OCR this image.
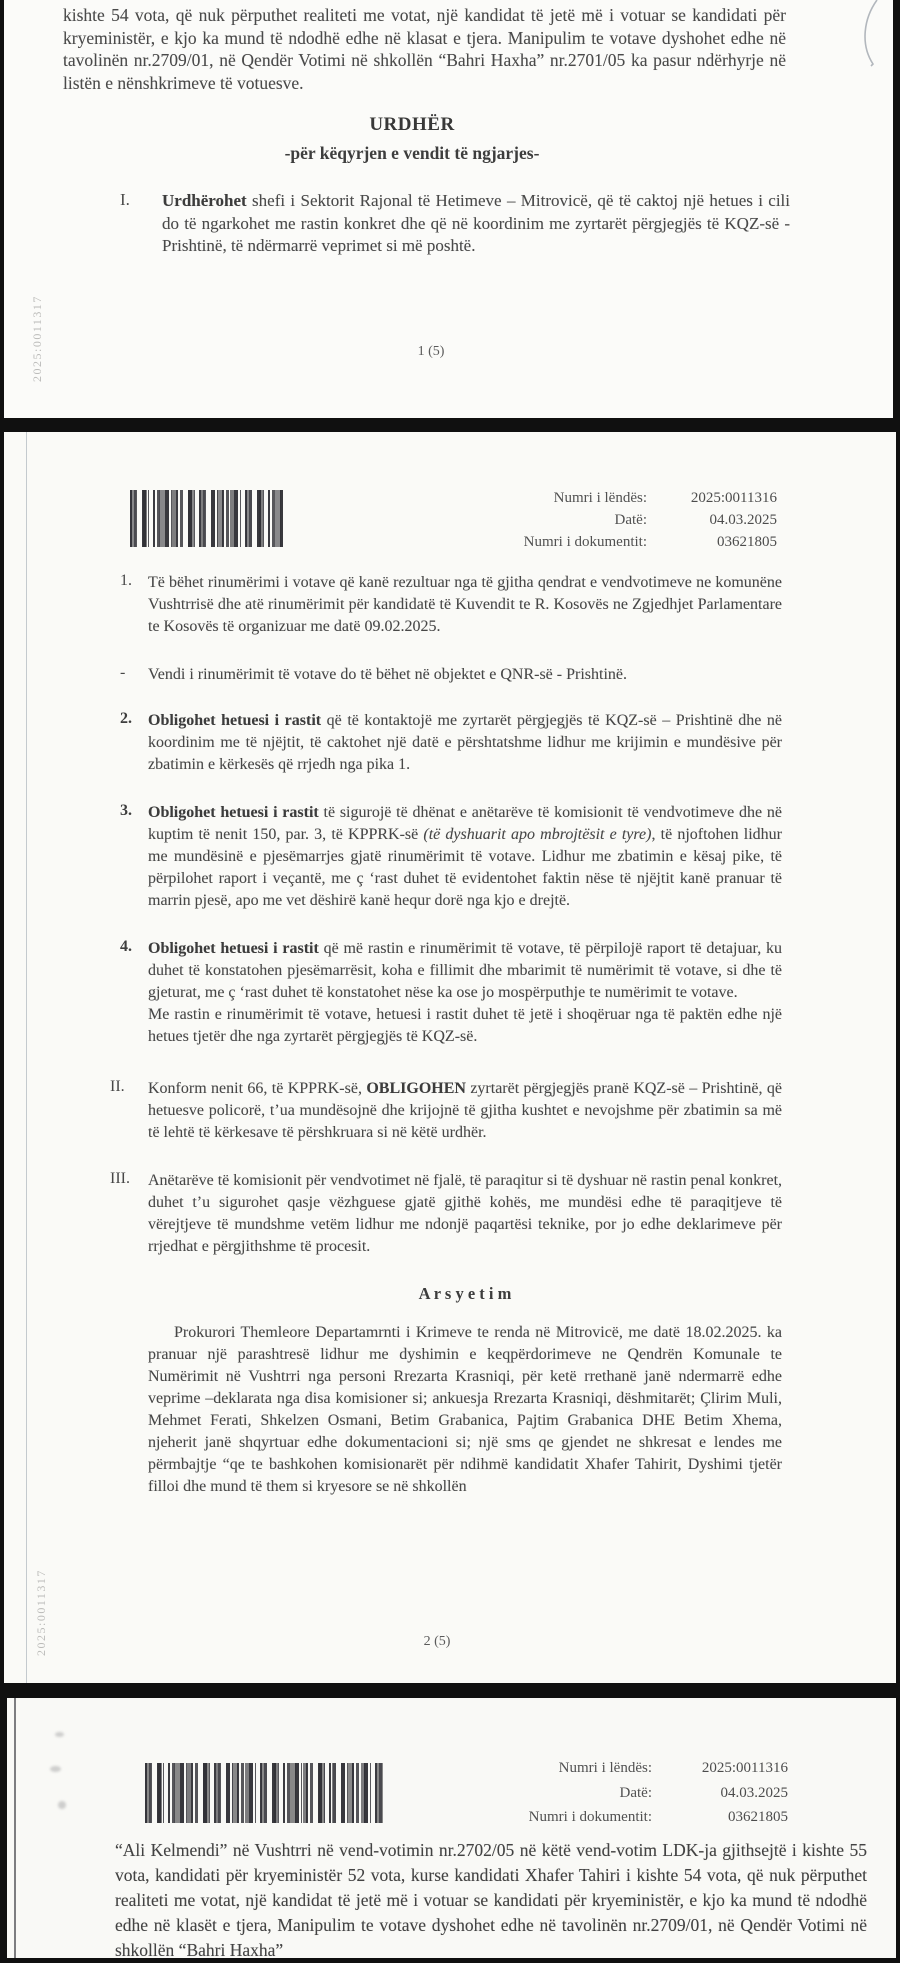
kishte 54 vota, që nuk përputhet realiteti me votat, një kandidat të jetë më i votuar se kandidati për kryeministër, e kjo ka mund të ndodhë edhe në klasat e tjera. Manipulim te votave dyshohet edhe në tavolinën nr.2709/01, në Qendër Votimi në shkollën “Bahri Haxha” nr.2701/05 ka pasur ndërhyrje në listën e nënshkrimeve të votuesve.
URDHËR
-për këqyrjen e vendit të ngjarjes-
I. Urdhërohet shefi i Sektorit Rajonal të Hetimeve – Mitrovicë, që të caktoj një hetues i cili do të ngarkohet me rastin konkret dhe që në koordinim me zyrtarët përgjegjës të KQZ-së - Prishtinë, të ndërmarrë veprimet si më poshtë.
2025:0011317	1 (5)
Numri i lëndës:	2025:0011316
Datë:	04.03.2025
Numri i dokumentit:	03621805
1. Të bëhet rinumërimi i votave që kanë rezultuar nga të gjitha qendrat e vendvotimeve ne komunëne Vushtrrisë dhe atë rinumërimit për kandidatë të Kuvendit te R. Kosovës ne Zgjedhjet Parlamentare te Kosovës të organizuar me datë 09.02.2025.
- Vendi i rinumërimit të votave do të bëhet në objektet e QNR-së - Prishtinë.
2. Obligohet hetuesi i rastit që të kontaktojë me zyrtarët përgjegjës të KQZ-së – Prishtinë dhe në koordinim me të njëjtit, të caktohet një datë e përshtatshme lidhur me krijimin e mundësive për zbatimin e kërkesës që rrjedh nga pika 1.
3. Obligohet hetuesi i rastit të sigurojë të dhënat e anëtarëve të komisionit të vendvotimeve dhe në kuptim të nenit 150, par. 3, të KPPRK-së (të dyshuarit apo mbrojtësit e tyre), të njoftohen lidhur me mundësinë e pjesëmarrjes gjatë rinumërimit të votave. Lidhur me zbatimin e kësaj pike, të përpilohet raport i veçantë, me ç ‘rast duhet të evidentohet faktin nëse të njëjtit kanë pranuar të marrin pjesë, apo me vet dëshirë kanë hequr dorë nga kjo e drejtë.
4. Obligohet hetuesi i rastit që më rastin e rinumërimit të votave, të përpilojë raport të detajuar, ku duhet të konstatohen pjesëmarrësit, koha e fillimit dhe mbarimit të numërimit të votave, si dhe të gjeturat, me ç ‘rast duhet të konstatohet nëse ka ose jo mospërputhje te numërimit te votave.
Me rastin e rinumërimit të votave, hetuesi i rastit duhet të jetë i shoqëruar nga të paktën edhe një hetues tjetër dhe nga zyrtarët përgjegjës të KQZ-së.
II. Konform nenit 66, të KPPRK-së, OBLIGOHEN zyrtarët përgjegjës pranë KQZ-së – Prishtinë, që hetuesve policorë, t’ua mundësojnë dhe krijojnë të gjitha kushtet e nevojshme për zbatimin sa më të lehtë të kërkesave të përshkruara si në këtë urdhër.
III. Anëtarëve të komisionit për vendvotimet në fjalë, të paraqitur si të dyshuar në rastin penal konkret, duhet t’u sigurohet qasje vëzhguese gjatë gjithë kohës, me mundësi edhe të paraqitjeve të vërejtjeve të mundshme vetëm lidhur me ndonjë paqartësi teknike, por jo edhe deklarimeve për rrjedhat e përgjithshme të procesit.
A r s y e t i m
Prokurori Themleore Departamrnti i Krimeve te renda në Mitrovicë, me datë 18.02.2025. ka pranuar një parashtresë lidhur me dyshimin e keqpërdorimeve ne Qendrën Komunale te Numërimit në Vushtrri nga personi Rrezarta Krasniqi, për ketë rrethanë janë ndermarrë edhe veprime –deklarata nga disa komisioner si; ankuesja Rrezarta Krasniqi, dëshmitarët; Çlirim Muli, Mehmet Ferati, Shkelzen Osmani, Betim Grabanica, Pajtim Grabanica DHE Betim Xhema, njeherit janë shqyrtuar edhe dokumentacioni si; një sms qe gjendet ne shkresat e lendes me përmbajtje “qe te bashkohen komisionarët për ndihmë kandidatit Xhafer Tahirit, Dyshimi tjetër filloi dhe mund të them si kryesore se në shkollën
2025:0011317	2 (5)
Numri i lëndës:	2025:0011316
Datë:	04.03.2025
Numri i dokumentit:	03621805
“Ali Kelmendi” në Vushtrri në vend-votimin nr.2702/05 në këtë vend-votim LDK-ja gjithsejtë i kishte 55 vota, kandidati për kryeministër 52 vota, kurse kandidati Xhafer Tahiri i kishte 54 vota, që nuk përputhet realiteti me votat, një kandidat të jetë më i votuar se kandidati për kryeministër, e kjo ka mund të ndodhë edhe në klasët e tjera, Manipulim te votave dyshohet edhe në tavolinën nr.2709/01, në Qendër Votimi në shkollën “Bahri Haxha”
